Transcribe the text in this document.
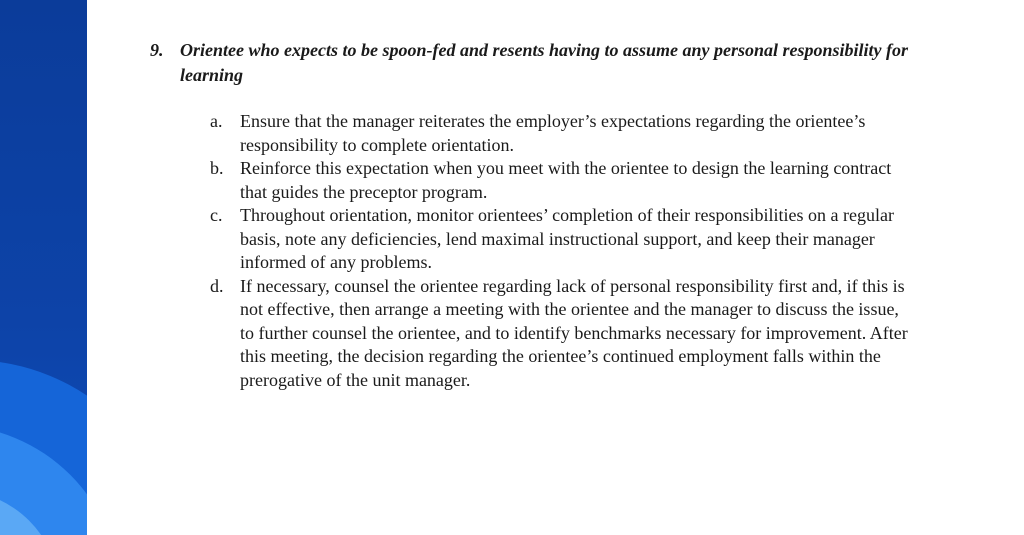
9. Orientee who expects to be spoon-fed and resents having to assume any personal responsibility for learning
a. Ensure that the manager reiterates the employer’s expectations regarding the orientee’s responsibility to complete orientation.
b. Reinforce this expectation when you meet with the orientee to design the learning contract that guides the preceptor program.
c. Throughout orientation, monitor orientees’ completion of their responsibilities on a regular basis, note any deficiencies, lend maximal instructional support, and keep their manager informed of any problems.
d. If necessary, counsel the orientee regarding lack of personal responsibility first and, if this is not effective, then arrange a meeting with the orientee and the manager to discuss the issue, to further counsel the orientee, and to identify benchmarks necessary for improvement. After this meeting, the decision regarding the orientee’s continued employment falls within the prerogative of the unit manager.
